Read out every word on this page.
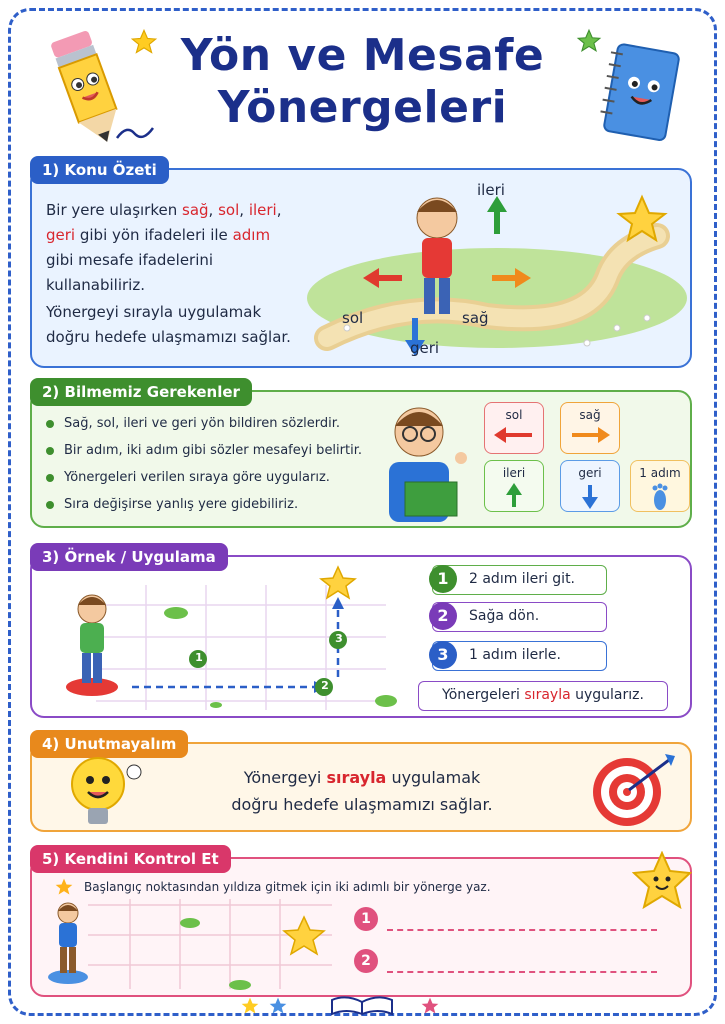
Yön ve Mesafe
Yönergeleri
1) Konu Özeti
Bir yere ulaşırken sağ, sol, ileri,
geri gibi yön ifadeleri ile adım
gibi mesafe ifadelerini
kullanabiliriz.
Yönergeyi sırayla uygulamak
doğru hedefe ulaşmamızı sağlar.
ileri
sol	sağ
geri
2) Bilmemiz Gerekenler
Sağ, sol, ileri ve geri yön bildiren sözlerdir.
Bir adım, iki adım gibi sözler mesafeyi belirtir.
Yönergeleri verilen sıraya göre uygularız.
Sıra değişirse yanlış yere gidebiliriz.
sol	sağ
ileri	geri	1 adım
3) Örnek / Uygulama
1
2
3
1	2 adım ileri git.
2	Sağa dön.
3	1 adım ilerle.
Yönergeleri sırayla uygularız.
4) Unutmayalım
Yönergeyi sırayla uygulamak
doğru hedefe ulaşmamızı sağlar.
5) Kendini Kontrol Et
Başlangıç noktasından yıldıza gitmek için iki adımlı bir yönerge yaz.
1
2
